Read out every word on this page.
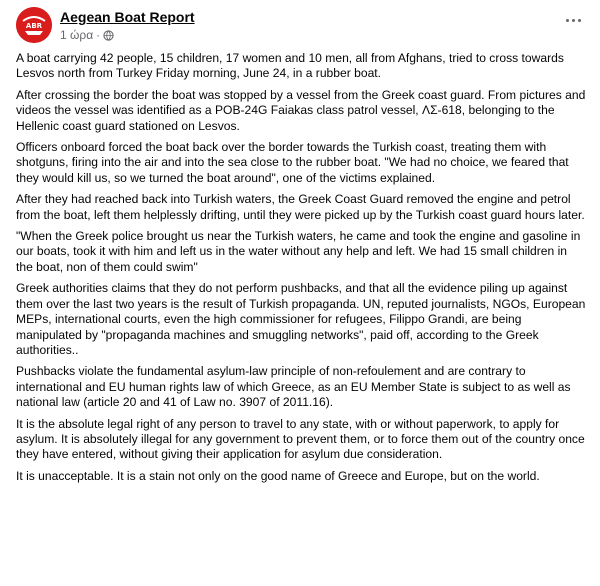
ABR
Aegean Boat Report
1 ώρα ·

A boat carrying 42 people, 15 children, 17 women and 10 men, all from Afghans, tried to cross towards Lesvos north from Turkey Friday morning, June 24, in a rubber boat.

After crossing the border the boat was stopped by a vessel from the Greek coast guard. From pictures and videos the vessel was identified as a POB-24G Faiakas class patrol vessel, ΛΣ-618, belonging to the Hellenic coast guard stationed on Lesvos.

Officers onboard forced the boat back over the border towards the Turkish coast, treating them with shotguns, firing into the air and into the sea close to the rubber boat. "We had no choice, we feared that they would kill us, so we turned the boat around", one of the victims explained.

After they had reached back into Turkish waters, the Greek Coast Guard removed the engine and petrol from the boat, left them helplessly drifting, until they were picked up by the Turkish coast guard hours later.

"When the Greek police brought us near the Turkish waters, he came and took the engine and gasoline in our boats, took it with him and left us in the water without any help and left. We had 15 small children in the boat, non of them could swim"

Greek authorities claims that they do not perform pushbacks, and that all the evidence piling up against them over the last two years is the result of Turkish propaganda. UN, reputed journalists, NGOs, European MEPs, international courts, even the high commissioner for refugees, Filippo Grandi, are being manipulated by "propaganda machines and smuggling networks", paid off, according to the Greek authorities..

Pushbacks violate the fundamental asylum-law principle of non-refoulement and are contrary to international and EU human rights law of which Greece, as an EU Member State is subject to as well as national law (article 20 and 41 of Law no. 3907 of 2011.16).

It is the absolute legal right of any person to travel to any state, with or without paperwork, to apply for asylum. It is absolutely illegal for any government to prevent them, or to force them out of the country once they have entered, without giving their application for asylum due consideration.

It is unacceptable. It is a stain not only on the good name of Greece and Europe, but on the world.
